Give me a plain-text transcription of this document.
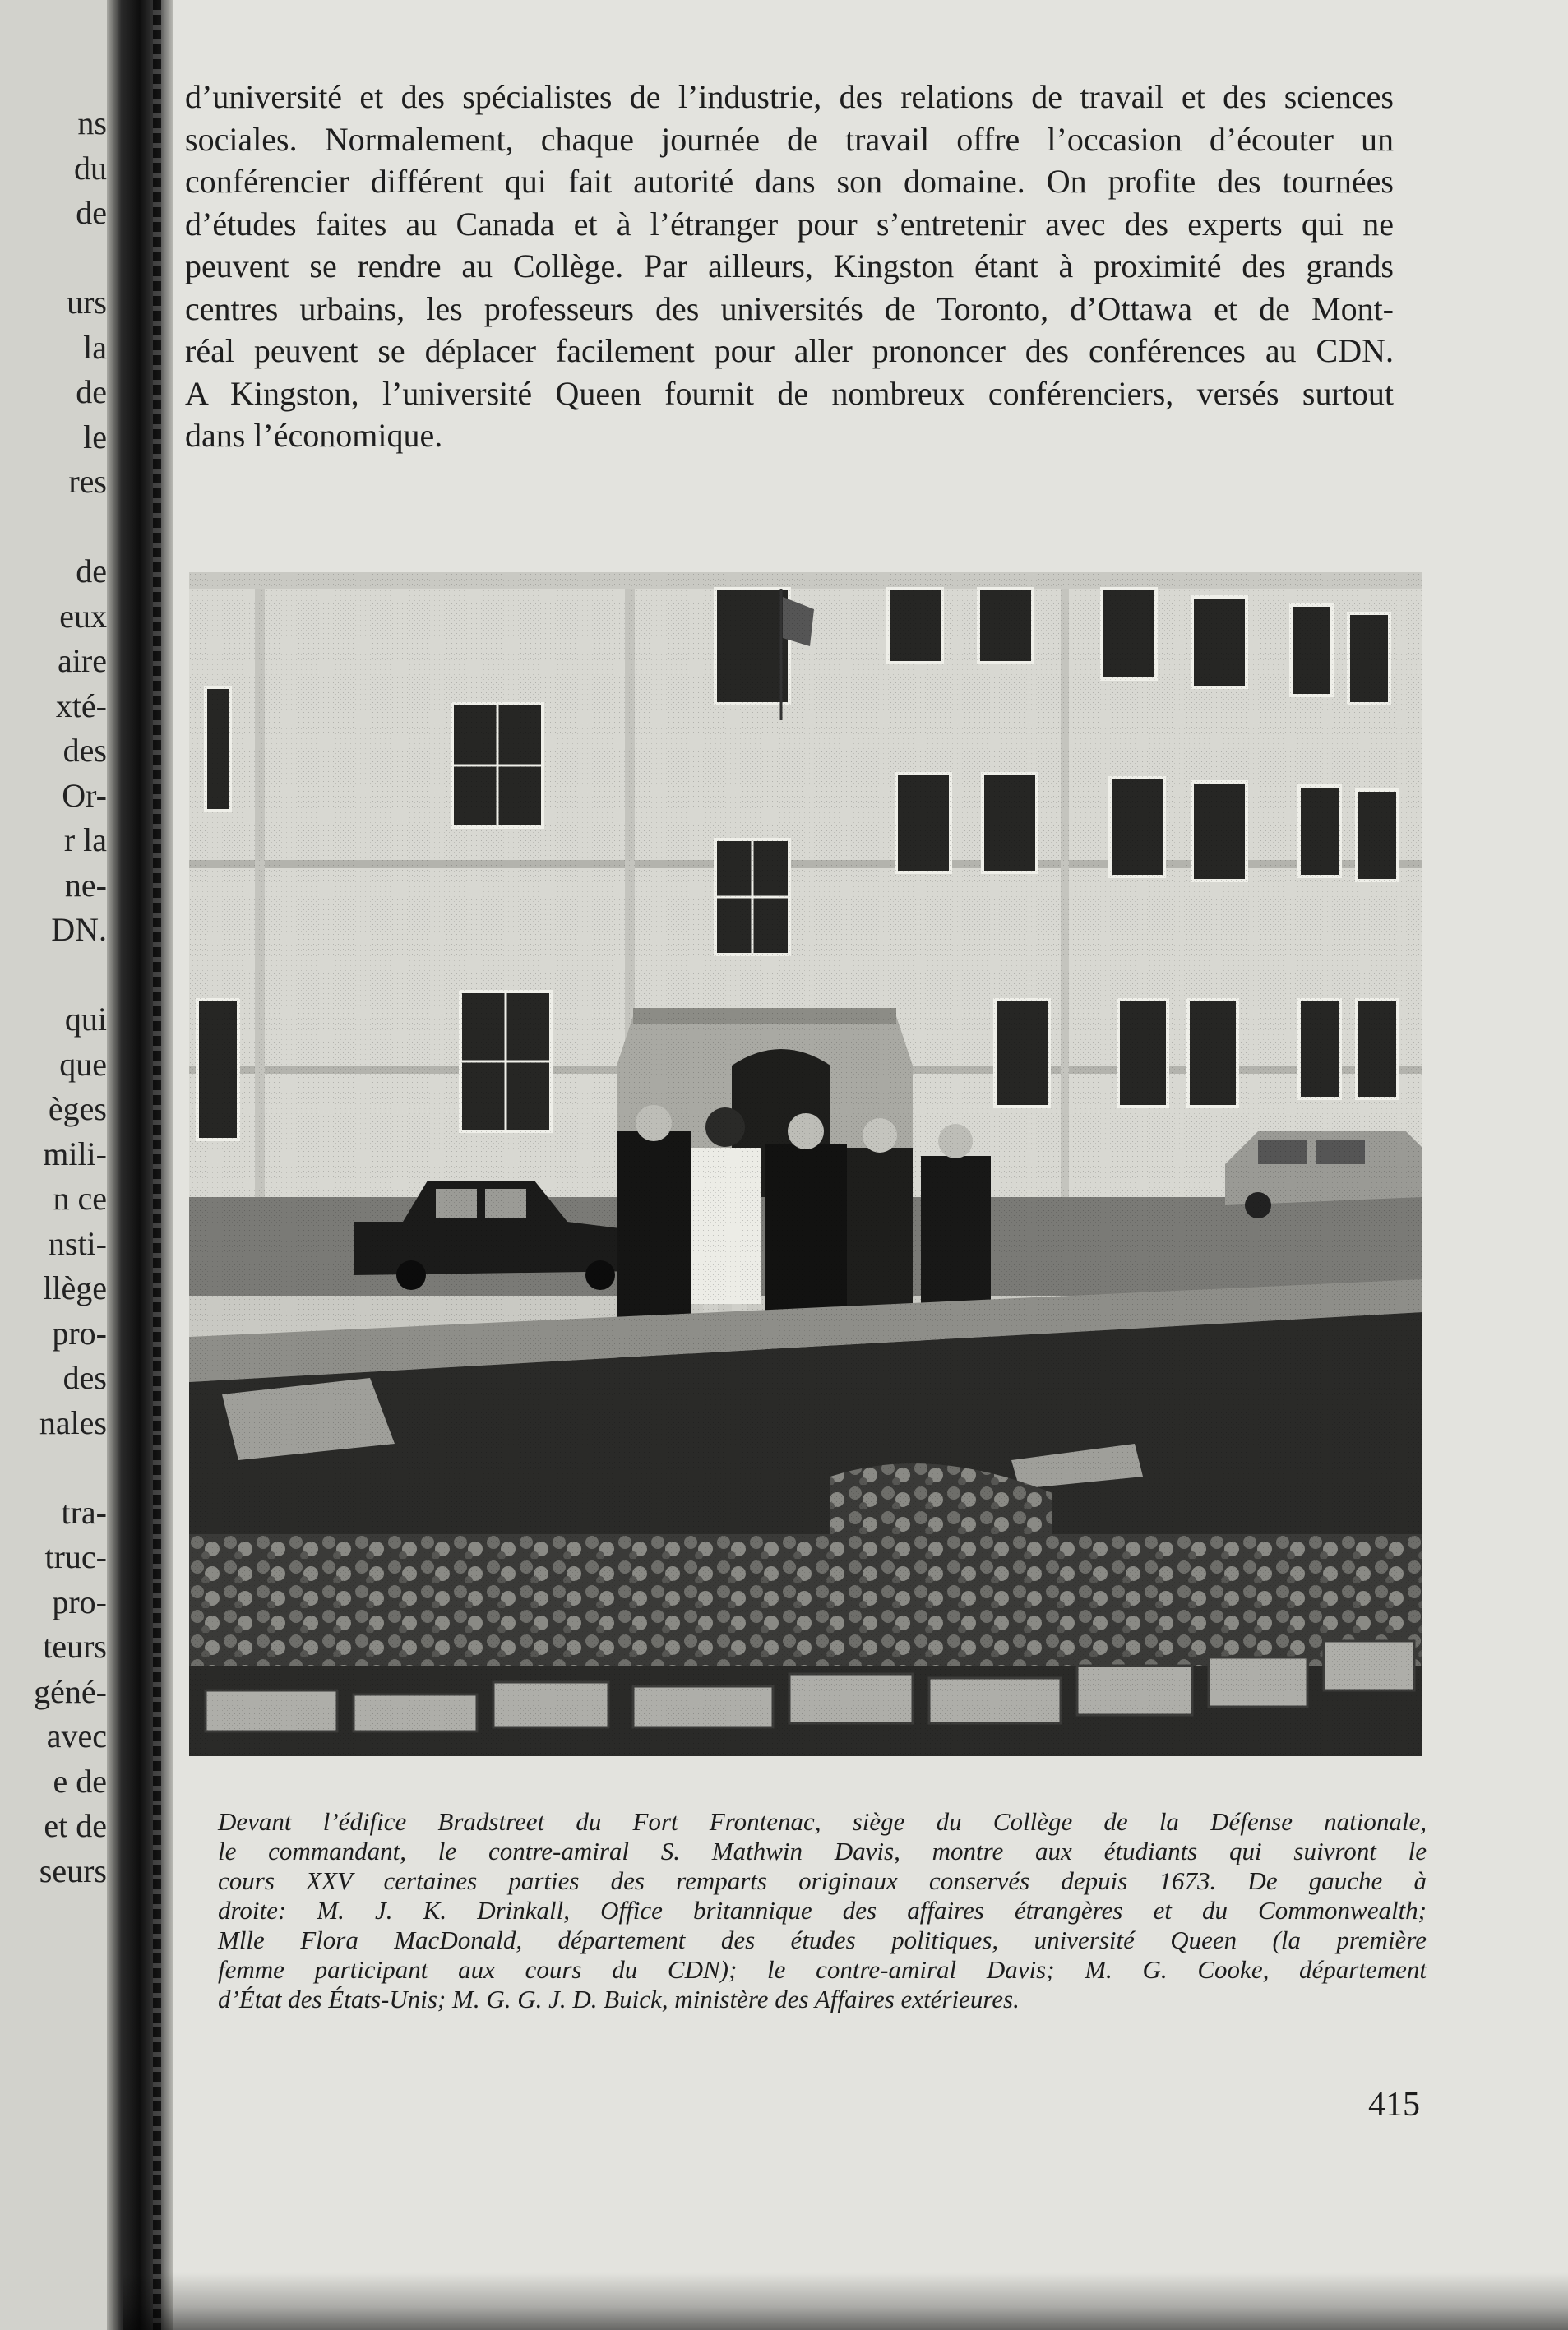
ns
du
de
urs
la
de
le
res
de
eux
aire
xté-
des
Or-
r la
ne-
DN.
qui
que
èges
mili-
n ce
nsti-
llège
pro-
des
nales
tra-
truc-
pro-
teurs
géné-
avec
e de
et de
seurs
d’université et des spécialistes de l’industrie, des relations de travail et des sciences
sociales. Normalement, chaque journée de travail offre l’occasion d’écouter un
conférencier différent qui fait autorité dans son domaine. On profite des tournées
d’études faites au Canada et à l’étranger pour s’entretenir avec des experts qui ne
peuvent se rendre au Collège. Par ailleurs, Kingston étant à proximité des grands
centres urbains, les professeurs des universités de Toronto, d’Ottawa et de Mont-
réal peuvent se déplacer facilement pour aller prononcer des conférences au CDN.
A Kingston, l’université Queen fournit de nombreux conférenciers, versés surtout
dans l’économique.
Devant l’édifice Bradstreet du Fort Frontenac, siège du Collège de la Défense nationale,
le commandant, le contre-amiral S. Mathwin Davis, montre aux étudiants qui suivront le
cours XXV certaines parties des remparts originaux conservés depuis 1673. De gauche à
droite: M. J. K. Drinkall, Office britannique des affaires étrangères et du Commonwealth;
Mlle Flora MacDonald, département des études politiques, université Queen (la première
femme participant aux cours du CDN); le contre-amiral Davis; M. G. Cooke, département
d’État des États-Unis; M. G. G. J. D. Buick, ministère des Affaires extérieures.
415
